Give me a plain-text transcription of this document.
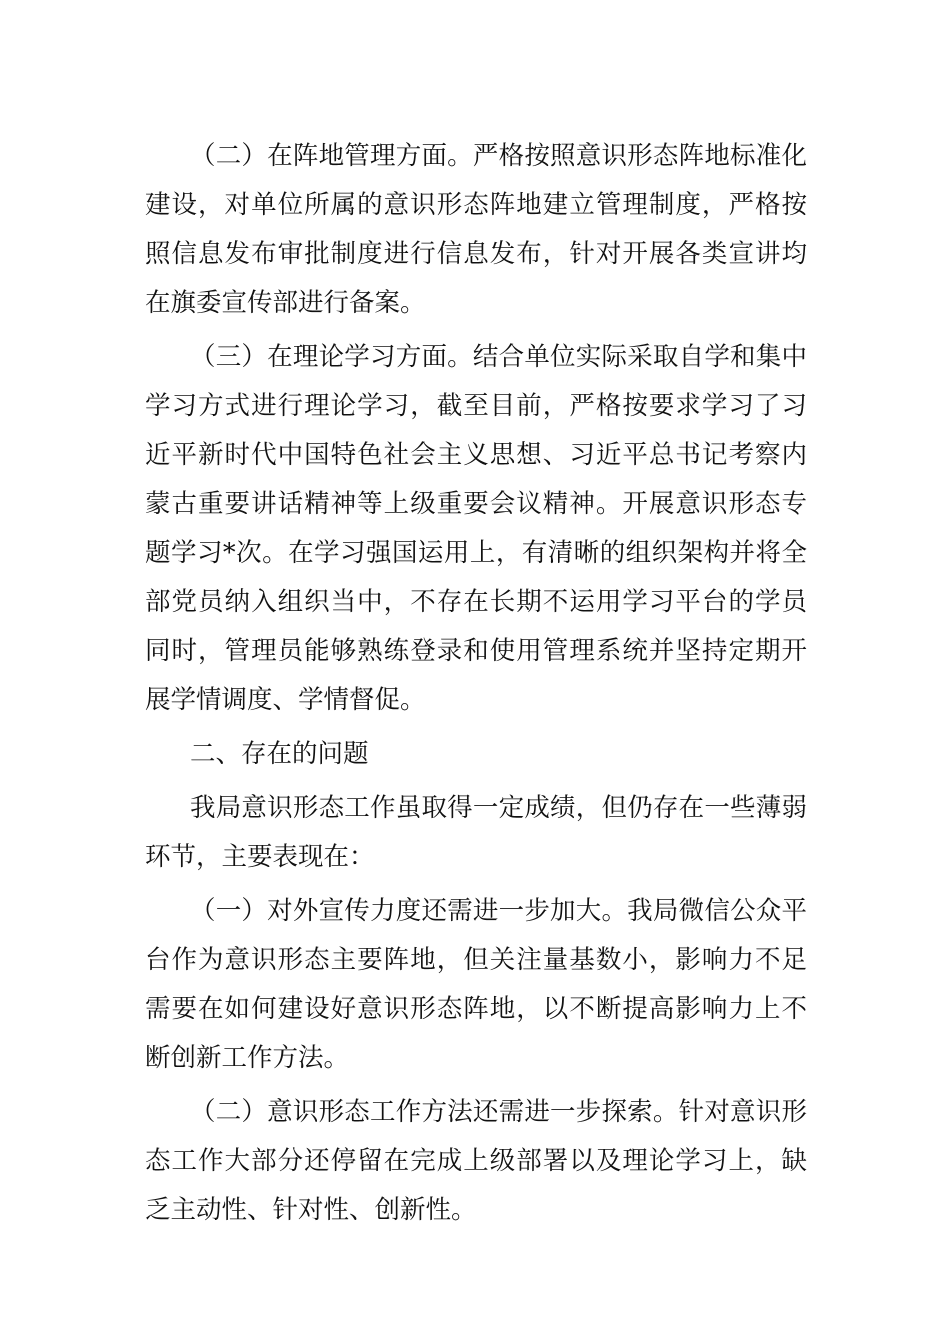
（二）在阵地管理方面。严格按照意识形态阵地标准化
建设，对单位所属的意识形态阵地建立管理制度，严格按
照信息发布审批制度进行信息发布，针对开展各类宣讲均
在旗委宣传部进行备案。
（三）在理论学习方面。结合单位实际采取自学和集中
学习方式进行理论学习，截至目前，严格按要求学习了习
近平新时代中国特色社会主义思想、习近平总书记考察内
蒙古重要讲话精神等上级重要会议精神。开展意识形态专
题学习*次。在学习强国运用上，有清晰的组织架构并将全
部党员纳入组织当中，不存在长期不运用学习平台的学员
同时，管理员能够熟练登录和使用管理系统并坚持定期开
展学情调度、学情督促。
二、存在的问题
我局意识形态工作虽取得一定成绩，但仍存在一些薄弱
环节，主要表现在：
（一）对外宣传力度还需进一步加大。我局微信公众平
台作为意识形态主要阵地，但关注量基数小，影响力不足
需要在如何建设好意识形态阵地，以不断提高影响力上不
断创新工作方法。
（二）意识形态工作方法还需进一步探索。针对意识形
态工作大部分还停留在完成上级部署以及理论学习上，缺
乏主动性、针对性、创新性。
